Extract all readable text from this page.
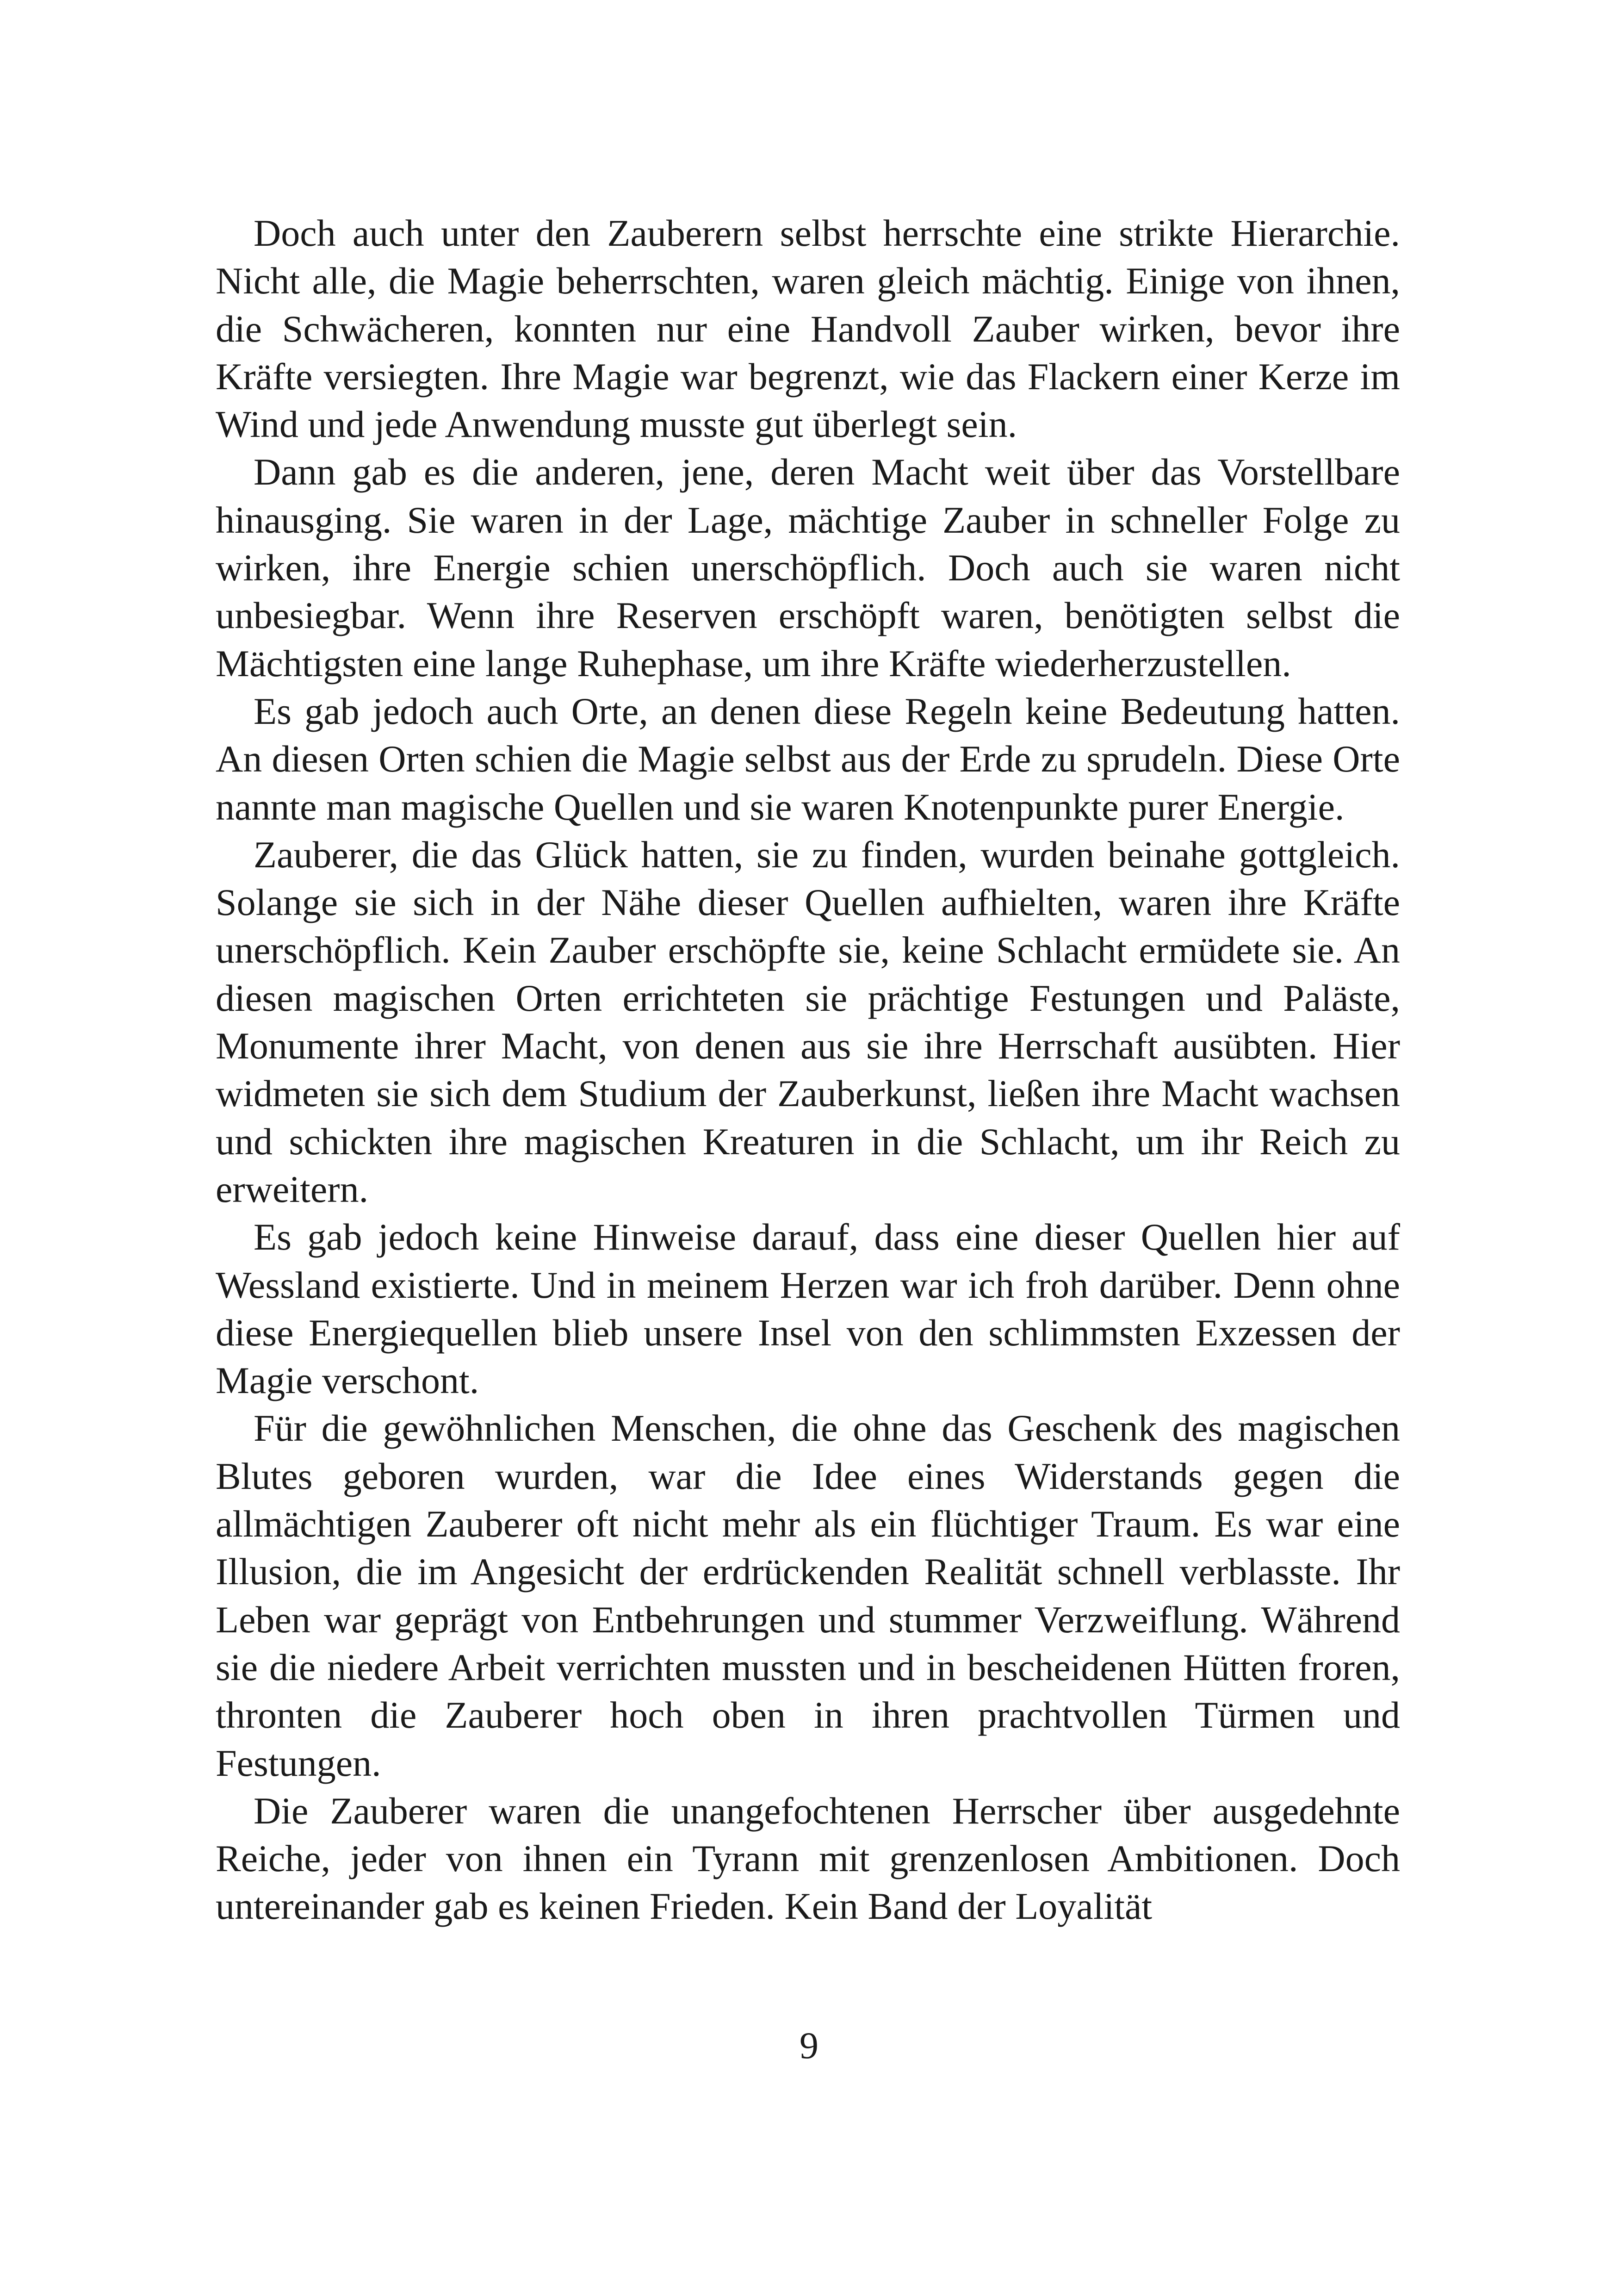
Doch auch unter den Zauberern selbst herrschte eine strikte Hierarchie. Nicht alle, die Magie beherrschten, waren gleich mächtig. Einige von ihnen, die Schwächeren, konnten nur eine Handvoll Zauber wirken, bevor ihre Kräfte versiegten. Ihre Magie war begrenzt, wie das Flackern einer Kerze im Wind und jede Anwendung musste gut überlegt sein.

Dann gab es die anderen, jene, deren Macht weit über das Vorstellbare hinausging. Sie waren in der Lage, mächtige Zauber in schneller Folge zu wirken, ihre Energie schien unerschöpflich. Doch auch sie waren nicht unbesiegbar. Wenn ihre Reserven erschöpft waren, benötigten selbst die Mächtigsten eine lange Ruhephase, um ihre Kräfte wiederherzustellen.

Es gab jedoch auch Orte, an denen diese Regeln keine Bedeutung hatten. An diesen Orten schien die Magie selbst aus der Erde zu sprudeln. Diese Orte nannte man magische Quellen und sie waren Knotenpunkte purer Energie.

Zauberer, die das Glück hatten, sie zu finden, wurden beinahe gottgleich. Solange sie sich in der Nähe dieser Quellen aufhielten, waren ihre Kräfte unerschöpflich. Kein Zauber erschöpfte sie, keine Schlacht ermüdete sie. An diesen magischen Orten errichteten sie prächtige Festungen und Paläste, Monumente ihrer Macht, von denen aus sie ihre Herrschaft ausübten. Hier widmeten sie sich dem Studium der Zauberkunst, ließen ihre Macht wachsen und schickten ihre magischen Kreaturen in die Schlacht, um ihr Reich zu erweitern.

Es gab jedoch keine Hinweise darauf, dass eine dieser Quellen hier auf Wessland existierte. Und in meinem Herzen war ich froh darüber. Denn ohne diese Energiequellen blieb unsere Insel von den schlimmsten Exzessen der Magie verschont.

Für die gewöhnlichen Menschen, die ohne das Geschenk des magischen Blutes geboren wurden, war die Idee eines Widerstands gegen die allmächtigen Zauberer oft nicht mehr als ein flüchtiger Traum. Es war eine Illusion, die im Angesicht der erdrückenden Realität schnell verblasste. Ihr Leben war geprägt von Entbehrungen und stummer Verzweiflung. Während sie die niedere Arbeit verrichten mussten und in bescheidenen Hütten froren, thronten die Zauberer hoch oben in ihren prachtvollen Türmen und Festungen.

Die Zauberer waren die unangefochtenen Herrscher über ausgedehnte Reiche, jeder von ihnen ein Tyrann mit grenzenlosen Ambitionen. Doch untereinander gab es keinen Frieden. Kein Band der Loyalität

9
